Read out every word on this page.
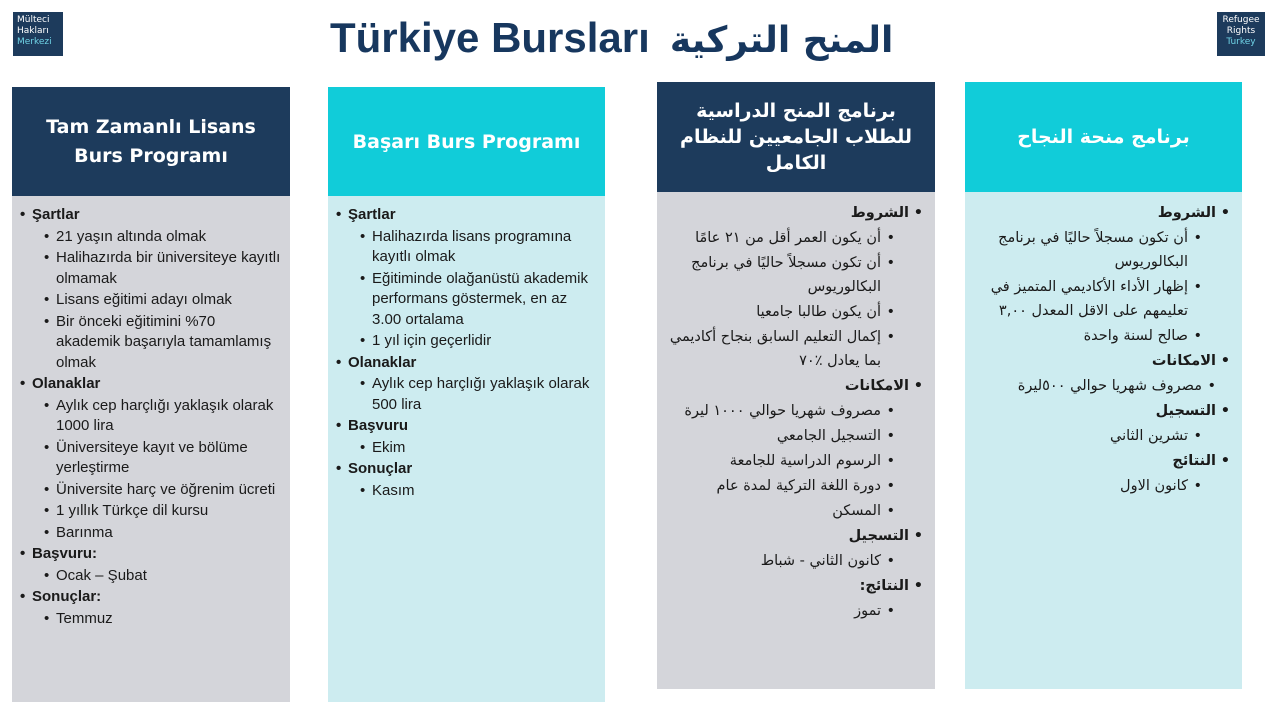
Mülteci
Hakları
Merkezi
Refugee
Rights
Turkey
Türkiye Bursları المنح التركية
Tam Zamanlı Lisans Burs Programı
• Şartlar
• 21 yaşın altında olmak
• Halihazırda bir üniversiteye kayıtlı olmamak
• Lisans eğitimi adayı olmak
• Bir önceki eğitimini %70 akademik başarıyla tamamlamış olmak
• Olanaklar
• Aylık cep harçlığı yaklaşık olarak 1000 lira
• Üniversiteye kayıt ve bölüme yerleştirme
• Üniversite harç ve öğrenim ücreti
• 1 yıllık Türkçe dil kursu
• Barınma
• Başvuru:
• Ocak – Şubat
• Sonuçlar:
• Temmuz
Başarı Burs Programı
• Şartlar
• Halihazırda lisans programına kayıtlı olmak
• Eğitiminde olağanüstü akademik performans göstermek, en az 3.00 ortalama
• 1 yıl için geçerlidir
• Olanaklar
• Aylık cep harçlığı yaklaşık olarak 500 lira
• Başvuru
• Ekim
• Sonuçlar
• Kasım
برنامج المنح الدراسية للطلاب الجامعيين للنظام الكامل
• الشروط
• أن يكون العمر أقل من ٢١ عامًا
• أن تكون مسجلاً حاليًا في برنامج البكالوريوس
• أن يكون طالبا جامعيا
• إكمال التعليم السابق بنجاح أكاديمي بما يعادل ٪٧٠
• الامكانات
• مصروف شهريا حوالي ١٠٠٠ ليرة
• التسجيل الجامعي
• الرسوم الدراسية للجامعة
• دورة اللغة التركية لمدة عام
• المسكن
• التسجيل
• كانون الثاني - شباط
• النتائج:
• تموز
برنامج منحة النجاح
• الشروط
• أن تكون مسجلاً حاليًا في برنامج البكالوريوس
• إظهار الأداء الأكاديمي المتميز في تعليمهم على الاقل المعدل ٣,٠٠
• صالح لسنة واحدة
• الامكانات
• مصروف شهريا حوالي ٥٠٠ليرة
• التسجيل
• تشرين الثاني
• النتائج
• كانون الاول
